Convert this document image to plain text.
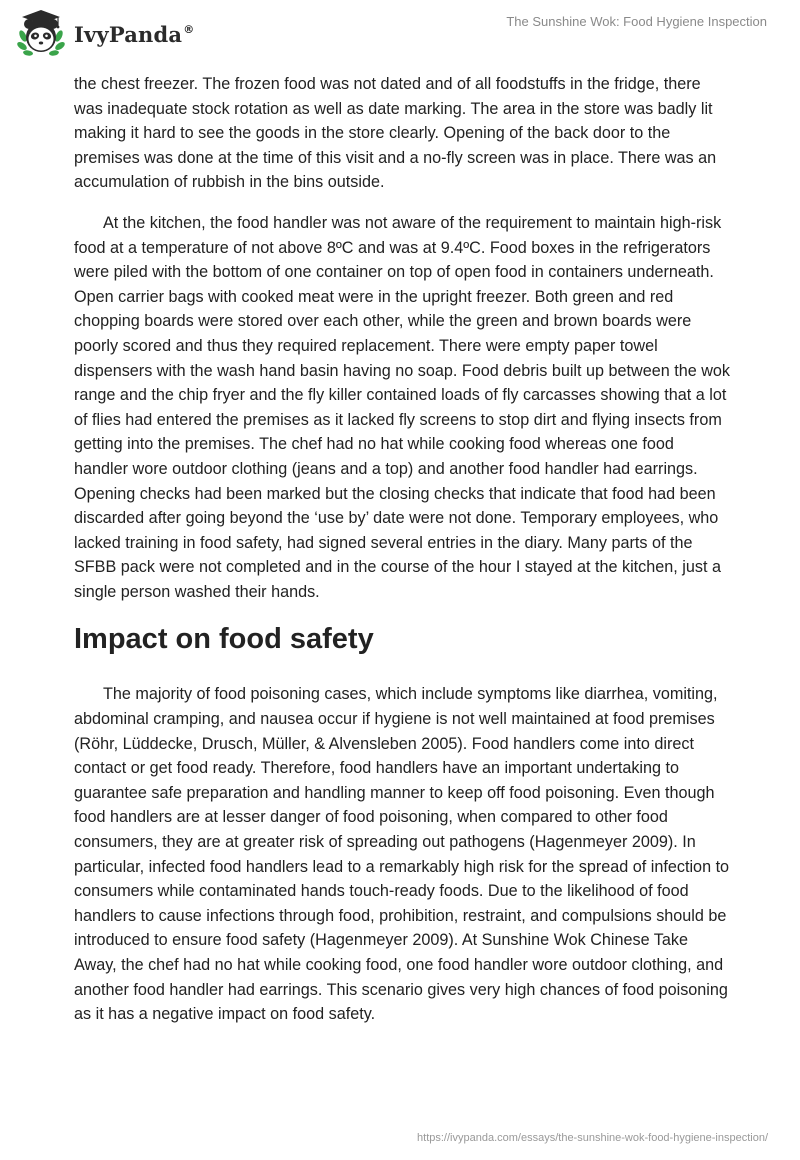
IvyPanda®	The Sunshine Wok: Food Hygiene Inspection

the chest freezer. The frozen food was not dated and of all foodstuffs in the fridge, there was inadequate stock rotation as well as date marking. The area in the store was badly lit making it hard to see the goods in the store clearly. Opening of the back door to the premises was done at the time of this visit and a no-fly screen was in place. There was an accumulation of rubbish in the bins outside.

At the kitchen, the food handler was not aware of the requirement to maintain high-risk food at a temperature of not above 8ºC and was at 9.4ºC. Food boxes in the refrigerators were piled with the bottom of one container on top of open food in containers underneath. Open carrier bags with cooked meat were in the upright freezer. Both green and red chopping boards were stored over each other, while the green and brown boards were poorly scored and thus they required replacement. There were empty paper towel dispensers with the wash hand basin having no soap. Food debris built up between the wok range and the chip fryer and the fly killer contained loads of fly carcasses showing that a lot of flies had entered the premises as it lacked fly screens to stop dirt and flying insects from getting into the premises. The chef had no hat while cooking food whereas one food handler wore outdoor clothing (jeans and a top) and another food handler had earrings. Opening checks had been marked but the closing checks that indicate that food had been discarded after going beyond the ‘use by’ date were not done. Temporary employees, who lacked training in food safety, had signed several entries in the diary. Many parts of the SFBB pack were not completed and in the course of the hour I stayed at the kitchen, just a single person washed their hands.

Impact on food safety

The majority of food poisoning cases, which include symptoms like diarrhea, vomiting, abdominal cramping, and nausea occur if hygiene is not well maintained at food premises (Röhr, Lüddecke, Drusch, Müller, & Alvensleben 2005). Food handlers come into direct contact or get food ready. Therefore, food handlers have an important undertaking to guarantee safe preparation and handling manner to keep off food poisoning. Even though food handlers are at lesser danger of food poisoning, when compared to other food consumers, they are at greater risk of spreading out pathogens (Hagenmeyer 2009). In particular, infected food handlers lead to a remarkably high risk for the spread of infection to consumers while contaminated hands touch-ready foods. Due to the likelihood of food handlers to cause infections through food, prohibition, restraint, and compulsions should be introduced to ensure food safety (Hagenmeyer 2009). At Sunshine Wok Chinese Take Away, the chef had no hat while cooking food, one food handler wore outdoor clothing, and another food handler had earrings. This scenario gives very high chances of food poisoning as it has a negative impact on food safety.

https://ivypanda.com/essays/the-sunshine-wok-food-hygiene-inspection/
